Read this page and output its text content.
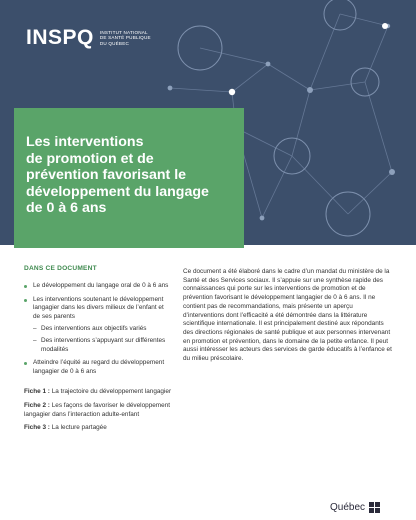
INSPQ INSTITUT NATIONAL DE SANTÉ PUBLIQUE DU QUÉBEC
Les interventions
de promotion et de
prévention favorisant le
développement du langage
de 0 à 6 ans
DANS CE DOCUMENT
Le développement du langage oral de 0 à 6 ans
Les interventions soutenant le développement langagier dans les divers milieux de l’enfant et de ses parents
– Des interventions aux objectifs variés
– Des interventions s’appuyant sur différentes modalités
Atteindre l’équité au regard du développement langagier de 0 à 6 ans
Fiche 1 : La trajectoire du développement langagier
Fiche 2 : Les façons de favoriser le développement langagier dans l’interaction adulte-enfant
Fiche 3 : La lecture partagée

Ce document a été élaboré dans le cadre d’un mandat du ministère de la Santé et des Services sociaux. Il s’appuie sur une synthèse rapide des connaissances qui porte sur les interventions de promotion et de prévention favorisant le développement langagier de 0 à 6 ans. Il ne contient pas de recommandations, mais présente un aperçu d’interventions dont l’efficacité a été démontrée dans la littérature scientifique internationale. Il est principalement destiné aux répondants des directions régionales de santé publique et aux personnes intervenant en promotion et prévention, dans le domaine de la petite enfance. Il peut aussi intéresser les acteurs des services de garde éducatifs à l’enfance et du milieu préscolaire.

Québec
